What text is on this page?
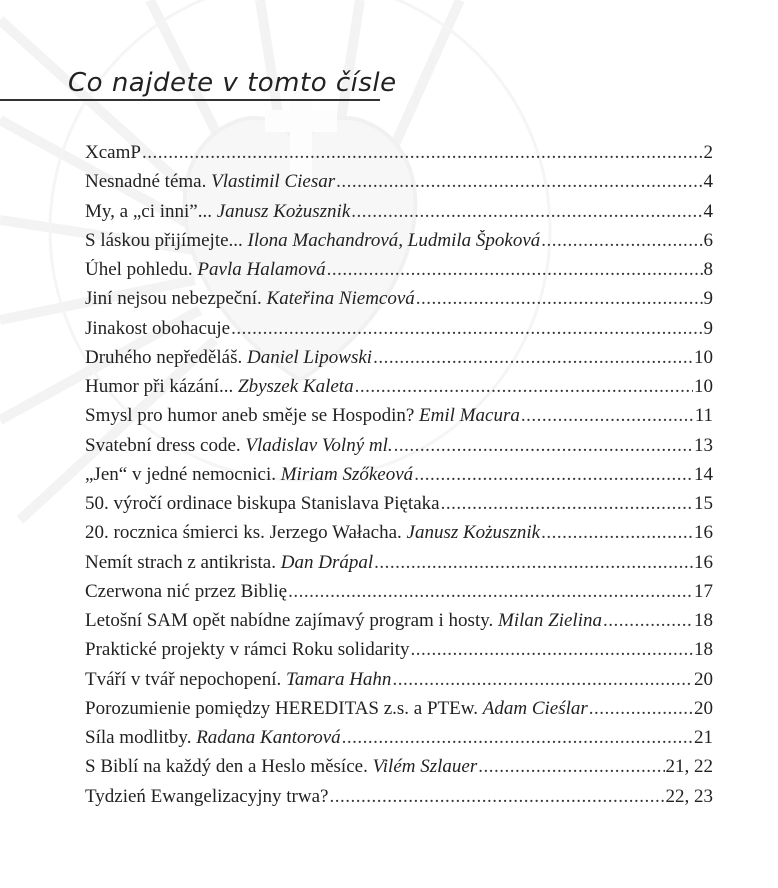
Co najdete v tomto čísle
XcamP .....	2
Nesnadné téma. Vlastimil Ciesar .....	4
My, a „ci inni”... Janusz Kożusznik .....	4
S láskou přijímejte... Ilona Machandrová, Ludmila Špoková .....	6
Úhel pohledu. Pavla Halamová .....	8
Jiní nejsou nebezpeční. Kateřina Niemcová .....	9
Jinakost obohacuje .....	9
Druhého nepředěláš. Daniel Lipowski .....	10
Humor při kázání... Zbyszek Kaleta .....	10
Smysl pro humor aneb směje se Hospodin? Emil Macura .....	11
Svatební dress code. Vladislav Volný ml. .....	13
„Jen“ v jedné nemocnici. Miriam Szőkeová .....	14
50. výročí ordinace biskupa Stanislava Piętaka .....	15
20. rocznica śmierci ks. Jerzego Wałacha. Janusz Kożusznik .....	16
Nemít strach z antikrista. Dan Drápal .....	16
Czerwona nić przez Biblię .....	17
Letošní SAM opět nabídne zajímavý program i hosty. Milan Zielina .....	18
Praktické projekty v rámci Roku solidarity .....	18
Tváří v tvář nepochopení. Tamara Hahn .....	20
Porozumienie pomiędzy HEREDITAS z.s. a PTEw. Adam Cieślar .....	20
Síla modlitby. Radana Kantorová .....	21
S Biblí na každý den a Heslo měsíce. Vilém Szlauer .....	21, 22
Tydzień Ewangelizacyjny trwa? .....	22, 23
